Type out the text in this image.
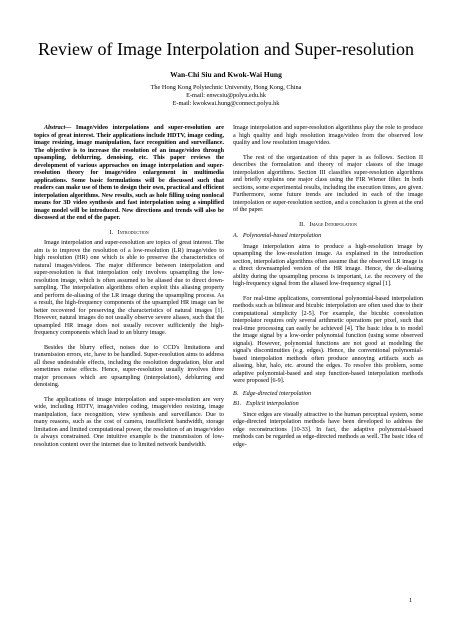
Review of Image Interpolation and Super-resolution
Wan-Chi Siu and Kwok-Wai Hung
The Hong Kong Polytechnic University, Hong Kong, China
E-mail: enwcsiu@polyu.edu.hk
E-mail: kwokwai.hung@connect.polyu.hk

Abstract— Image/video interpolations and super-resolution are topics of great interest. Their applications include HDTV, image coding, image resizing, image manipulation, face recognition and surveillance. The objective is to increase the resolution of an image/video through upsampling, deblurring, denoising, etc. This paper reviews the development of various approaches on image interpolation and super-resolution theory for image/video enlargement in multimedia applications. Some basic formulations will be discussed such that readers can make use of them to design their own, practical and efficient interpolation algorithms. New results, such as hole filling using nonlocal means for 3D video synthesis and fast interpolation using a simplified image model will be introduced. New directions and trends will also be discussed at the end of the paper.

I. Introduction

Image interpolation and super-resolution are topics of great interest. The aim is to improve the resolution of a low-resolution (LR) image/video to high resolution (HR) one which is able to preserve the characteristics of natural images/videos. The major difference between interpolation and super-resolution is that interpolation only involves upsampling the low-resolution image, which is often assumed to be aliased due to direct down-sampling. The interpolation algorithms often exploit this aliasing property and perform de-aliasing of the LR image during the upsampling process. As a result, the high-frequency components of the upsampled HR image can be better recovered for preserving the characteristics of natural images [1]. However, natural images do not usually observe severe aliases, such that the upsampled HR image does not usually recover sufficiently the high-frequency components which lead to an blurry image.

Besides the blurry effect, noises due to CCD's limitations and transmission errors, etc, have to be handled. Super-resolution aims to address all these undesirable effects, including the resolution degradation, blur and sometimes noise effects. Hence, super-resolution usually involves three major processes which are upsampling (interpolation), deblurring and denoising.

The applications of image interpolation and super-resolution are very wide, including HDTV, image/video coding, image/video resizing, image manipulation, face recognition, view synthesis and surveillance. Due to many reasons, such as the cost of camera, insufficient bandwidth, storage limitation and limited computational power, the resolution of an image/video is always constrained. One intuitive example is the transmission of low-resolution content over the internet due to limited network bandwidth.

Image interpolation and super-resolution algorithms play the role to produce a high quality and high resolution image/video from the observed low quality and low resolution image/video.

The rest of the organization of this paper is as follows. Section II describes the formulation and theory of major classes of the image interpolation algorithms. Section III classifies super-resolution algorithms and briefly explains one major class using the FIR Wiener filter. In both sections, some experimental results, including the execution times, are given. Furthermore, some future trends are included in each of the image interpolation or super-resolution section, and a conclusion is given at the end of the paper.

II. Image Interpolation
A. Polynomial-based interpolation

Image interpolation aims to produce a high-resolution image by upsampling the low-resolution image. As explained in the introduction section, interpolation algorithms often assume that the observed LR image is a direct downsampled version of the HR image. Hence, the de-aliasing ability during the upsampling process is important, i.e. the recovery of the high-frequency signal from the aliased low-frequency signal [1].

For real-time applications, conventional polynomial-based interpolation methods such as bilinear and bicubic interpolation are often used due to their computational simplicity [2-5]. For example, the bicubic convolution interpolator requires only several arithmetic operations per pixel, such that real-time processing can easily be achieved [4]. The basic idea is to model the image signal by a low-order polynomial function (using some observed signals). However, polynomial functions are not good at modeling the signal's discontinuities (e.g. edges). Hence, the conventional polynomial-based interpolation methods often produce annoying artifacts such as aliasing, blur, halo, etc. around the edges. To resolve this problem, some adaptive polynomial-based and step function-based interpolation methods were proposed [6-9].

B. Edge-directed interpolation
B1. Explicit interpolation

Since edges are visually attractive to the human perceptual system, some edge-directed interpolation methods have been developed to address the edge reconstructions [10-33]. In fact, the adaptive polynomial-based methods can be regarded as edge-directed methods as well. The basic idea of edge-

1
